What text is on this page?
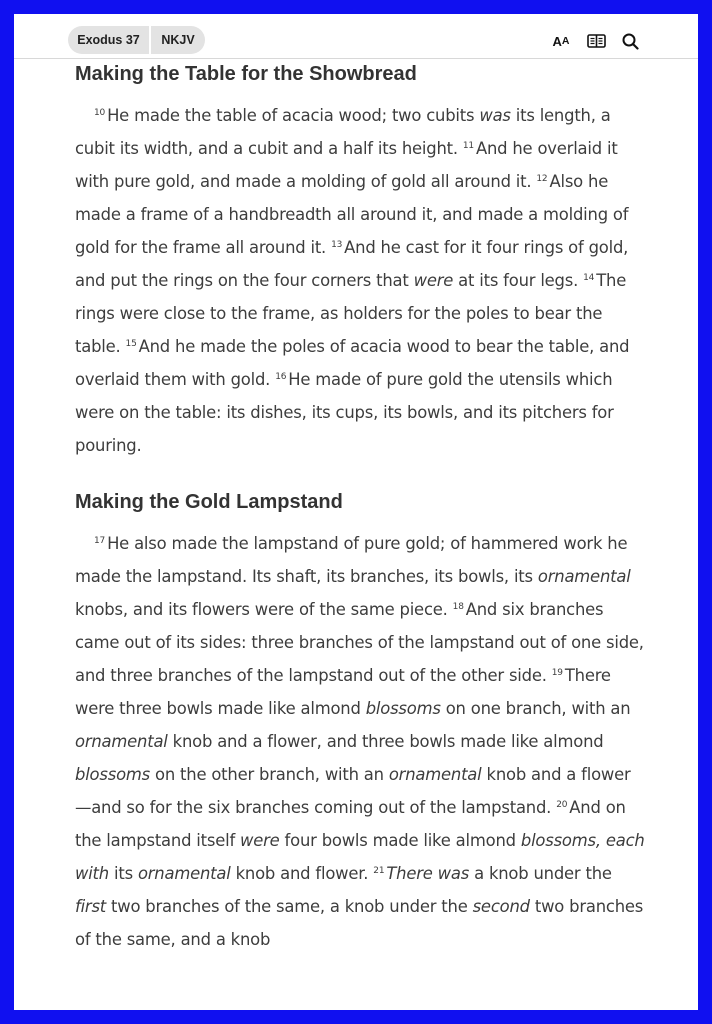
Exodus 37	NKJV	A A
Making the Table for the Showbread

$^{10}$ He made the table of acacia wood; two cubits was its length, a cubit its width, and a cubit and a half its height. $^{11}$ And he overlaid it with pure gold, and made a molding of gold all around it. $^{12}$ Also he made a frame of a handbreadth all around it, and made a molding of gold for the frame all around it. $^{13}$ And he cast for it four rings of gold, and put the rings on the four corners that were at its four legs. $^{14}$ The rings were close to the frame, as holders for the poles to bear the table. $^{15}$ And he made the poles of acacia wood to bear the table, and overlaid them with gold. $^{16}$ He made of pure gold the utensils which were on the table: its dishes, its cups, its bowls, and its pitchers for pouring.

Making the Gold Lampstand

$^{17}$ He also made the lampstand of pure gold; of hammered work he made the lampstand. Its shaft, its branches, its bowls, its ornamental knobs, and its flowers were of the same piece. $^{18}$ And six branches came out of its sides: three branches of the lampstand out of one side, and three branches of the lampstand out of the other side. $^{19}$ There were three bowls made like almond blossoms on one branch, with an ornamental knob and a flower, and three bowls made like almond blossoms on the other branch, with an ornamental knob and a flower—and so for the six branches coming out of the lampstand. $^{20}$ And on the lampstand itself were four bowls made like almond blossoms, each with its ornamental knob and flower. $^{21}$ There was a knob under the first two branches of the same, a knob under the second two branches of the same, and a knob
